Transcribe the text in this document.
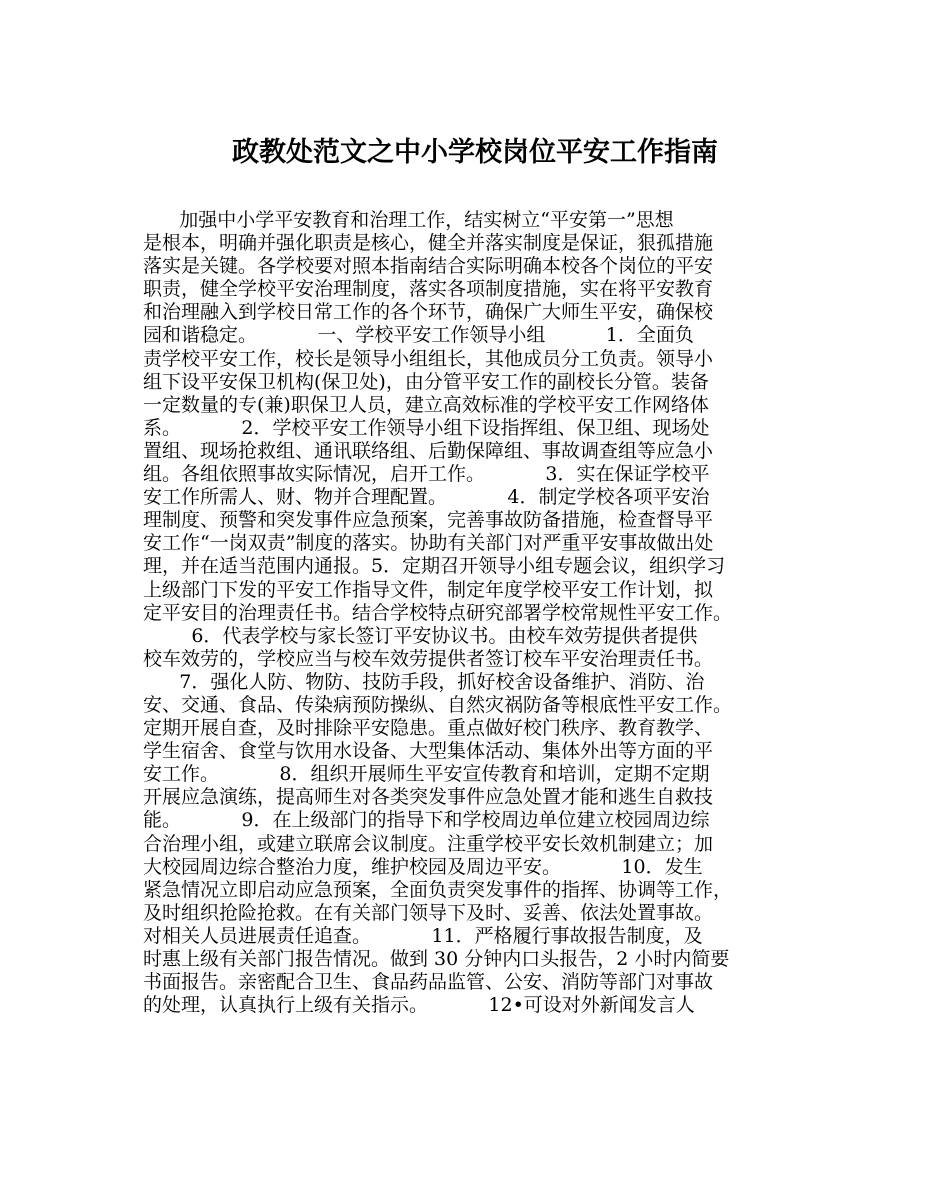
政教处范文之中小学校岗位平安工作指南
加强中小学平安教育和治理工作，结实树立“平安第一”思想
是根本，明确并强化职责是核心，健全并落实制度是保证，狠孤措施
落实是关键。各学校要对照本指南结合实际明确本校各个岗位的平安
职责，健全学校平安治理制度，落实各项制度措施，实在将平安教育
和治理融入到学校日常工作的各个环节，确保广大师生平安，确保校
园和谐稳定。          一、学校平安工作领导小组          1．全面负
责学校平安工作，校长是领导小组组长，其他成员分工负责。领导小
组下设平安保卫机构(保卫处)，由分管平安工作的副校长分管。装备
一定数量的专(兼)职保卫人员，建立高效标准的学校平安工作网络体
系。          2．学校平安工作领导小组下设指挥组、保卫组、现场处
置组、现场抢救组、通讯联络组、后勤保障组、事故调查组等应急小
组。各组依照事故实际情况，启开工作。          3．实在保证学校平
安工作所需人、财、物并合理配置。          4．制定学校各项平安治
理制度、预警和突发事件应急预案，完善事故防备措施，检查督导平
安工作“一岗双责”制度的落实。协助有关部门对严重平安事故做出处
理，并在适当范围内通报。5．定期召开领导小组专题会议，组织学习
上级部门下发的平安工作指导文件，制定年度学校平安工作计划，拟
定平安目的治理责任书。结合学校特点研究部署学校常规性平安工作。
6．代表学校与家长签订平安协议书。由校车效劳提供者提供
校车效劳的，学校应当与校车效劳提供者签订校车平安治理责任书。
7．强化人防、物防、技防手段，抓好校舍设备维护、消防、治
安、交通、食品、传染病预防操纵、自然灾祸防备等根底性平安工作。
定期开展自查，及时排除平安隐患。重点做好校门秩序、教育教学、
学生宿舍、食堂与饮用水设备、大型集体活动、集体外出等方面的平
安工作。          8．组织开展师生平安宣传教育和培训，定期不定期
开展应急演练，提高师生对各类突发事件应急处置才能和逃生自救技
能。          9．在上级部门的指导下和学校周边单位建立校园周边综
合治理小组，或建立联席会议制度。注重学校平安长效机制建立；加
大校园周边综合整治力度，维护校园及周边平安。          10．发生
紧急情况立即启动应急预案，全面负责突发事件的指挥、协调等工作，
及时组织抢险抢救。在有关部门领导下及时、妥善、依法处置事故。
对相关人员进展责任追查。          11．严格履行事故报告制度，及
时惠上级有关部门报告情况。做到 30 分钟内口头报告，2 小时内简要
书面报告。亲密配合卫生、食品药品监管、公安、消防等部门对事故
的处理，认真执行上级有关指示。          12•可设对外新闻发言人
